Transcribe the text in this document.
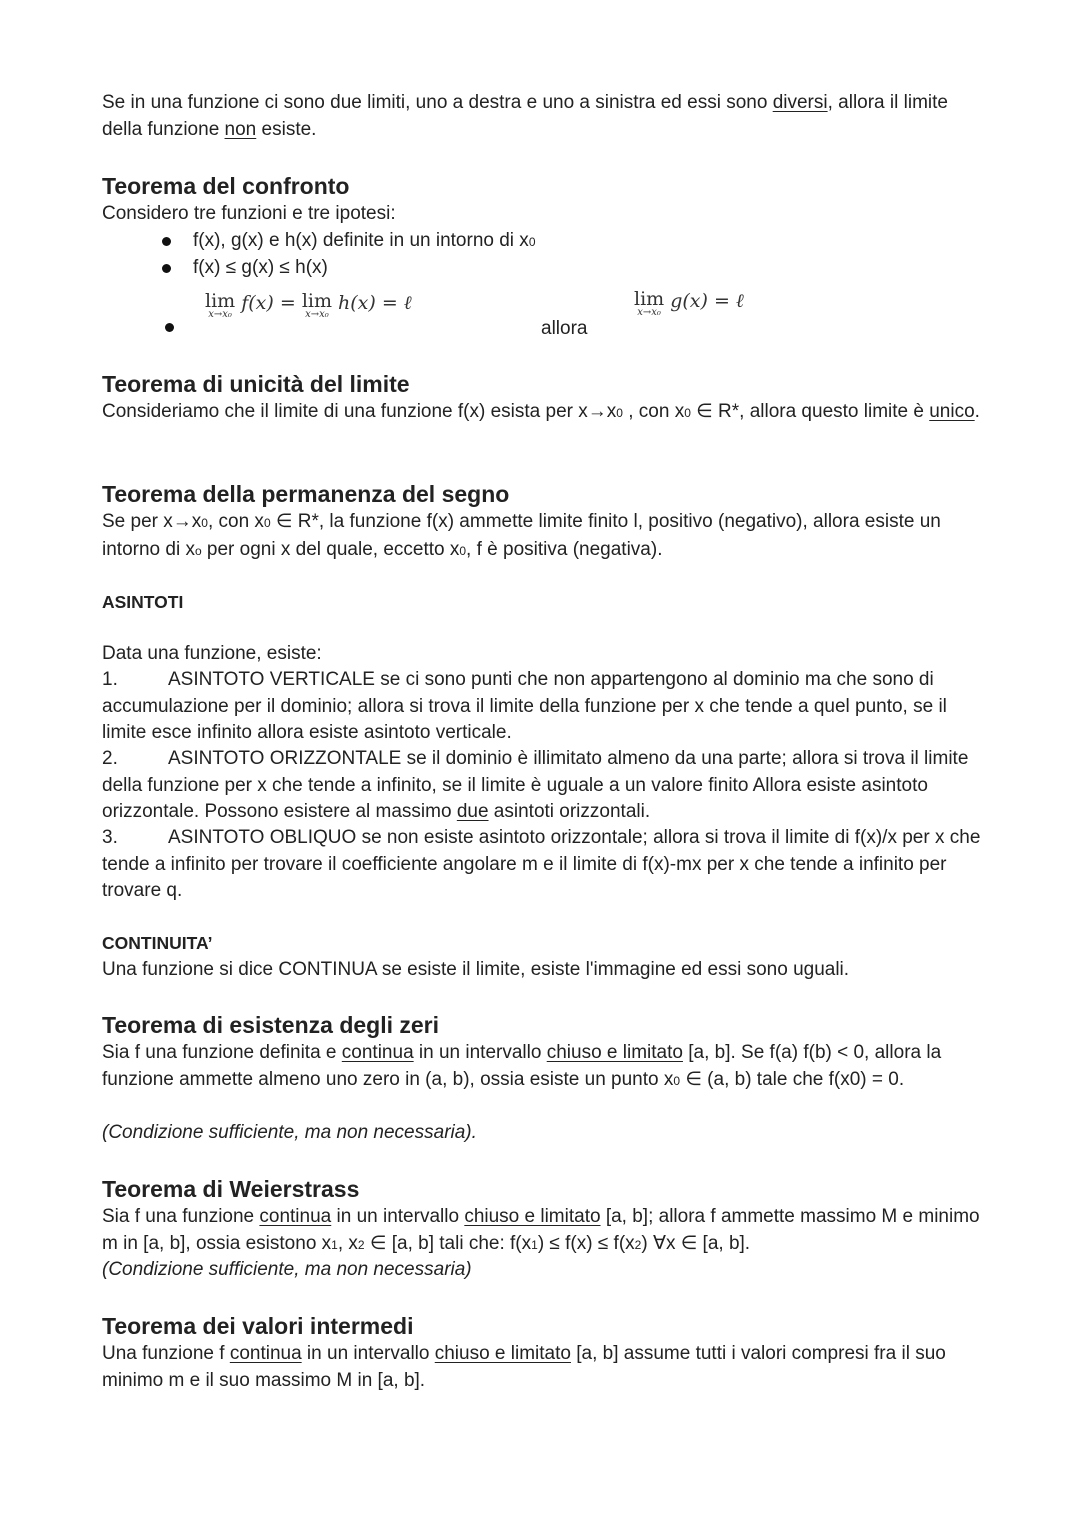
Se in una funzione ci sono due limiti, uno a destra e uno a sinistra ed essi sono diversi, allora il limite della funzione non esiste.

Teorema del confronto

Considero tre funzioni e tre ipotesi:

f(x), g(x) e h(x) definite in un intorno di x0
f(x) ≤ g(x) ≤ h(x)
lim
x→x₀
f(x) = lim
x→x₀
h(x) = ℓ

allora

lim
x→x₀
g(x) = ℓ
Teorema di unicità del limite

Consideriamo che il limite di una funzione f(x) esista per x→x0 , con x0 ∈ R*, allora questo limite è unico.

Teorema della permanenza del segno

Se per x→x0, con x0 ∈ R*, la funzione f(x) ammette limite finito l, positivo (negativo), allora esiste un intorno di xo per ogni x del quale, eccetto x0, f è positiva (negativa).

ASINTOTI

Data una funzione, esiste:

1.	ASINTOTO VERTICALE se ci sono punti che non appartengono al dominio ma che sono di accumulazione per il dominio; allora si trova il limite della funzione per x che tende a quel punto, se il limite esce infinito allora esiste asintoto verticale.

2.	ASINTOTO ORIZZONTALE se il dominio è illimitato almeno da una parte; allora si trova il limite della funzione per x che tende a infinito, se il limite è uguale a un valore finito Allora esiste asintoto orizzontale. Possono esistere al massimo due asintoti orizzontali.

3.	ASINTOTO OBLIQUO se non esiste asintoto orizzontale; allora si trova il limite di f(x)/x per x che tende a infinito per trovare il coefficiente angolare m e il limite di f(x)-mx per x che tende a infinito per trovare q.

CONTINUITA’

Una funzione si dice CONTINUA se esiste il limite, esiste l'immagine ed essi sono uguali.

Teorema di esistenza degli zeri

Sia f una funzione definita e continua in un intervallo chiuso e limitato [a, b]. Se f(a) f(b) < 0, allora la funzione ammette almeno uno zero in (a, b), ossia esiste un punto x0 ∈ (a, b) tale che f(x0) = 0.

(Condizione sufficiente, ma non necessaria).

Teorema di Weierstrass

Sia f una funzione continua in un intervallo chiuso e limitato [a, b]; allora f ammette massimo M e minimo m in [a, b], ossia esistono x1, x2 ∈ [a, b] tali che: f(x1) ≤ f(x) ≤ f(x2) ∀x ∈ [a, b].

(Condizione sufficiente, ma non necessaria)

Teorema dei valori intermedi

Una funzione f continua in un intervallo chiuso e limitato [a, b] assume tutti i valori compresi fra il suo minimo m e il suo massimo M in [a, b].
